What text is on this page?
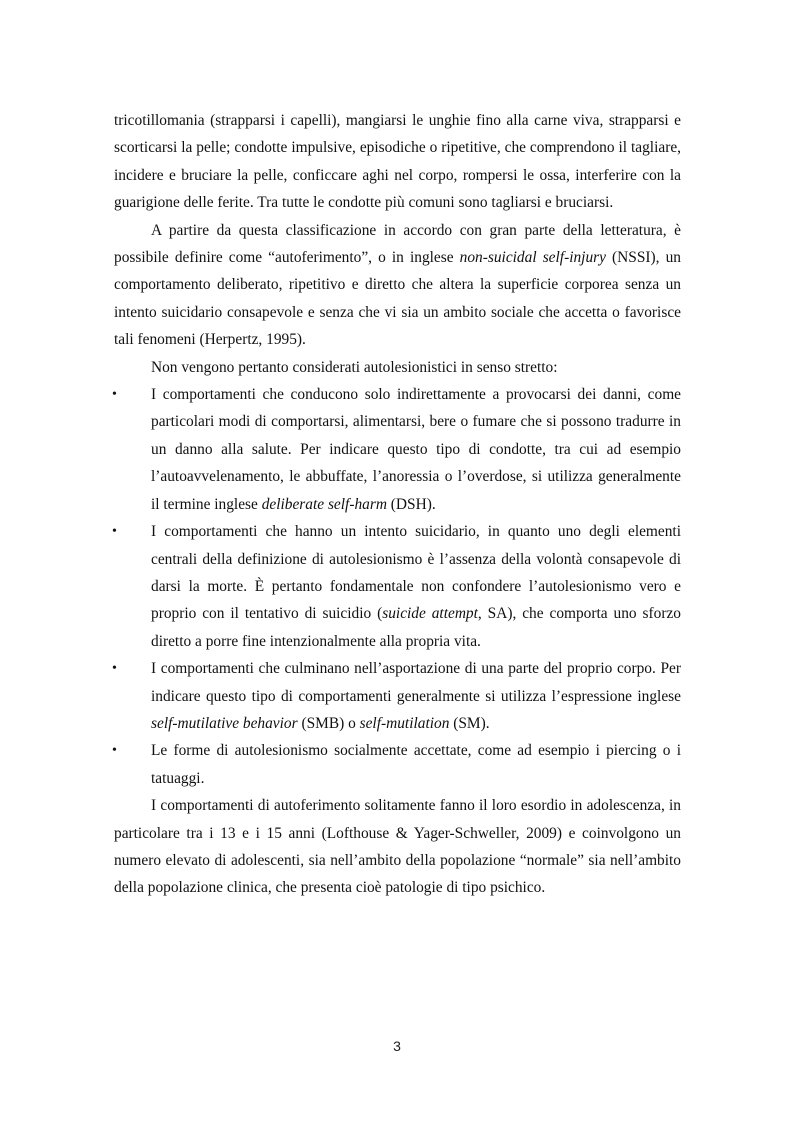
tricotillomania (strapparsi i capelli), mangiarsi le unghie fino alla carne viva, strapparsi e scorticarsi la pelle; condotte impulsive, episodiche o ripetitive, che comprendono il tagliare, incidere e bruciare la pelle, conficcare aghi nel corpo, rompersi le ossa, interferire con la guarigione delle ferite. Tra tutte le condotte più comuni sono tagliarsi e bruciarsi.

A partire da questa classificazione in accordo con gran parte della letteratura, è possibile definire come “autoferimento”, o in inglese non-suicidal self-injury (NSSI), un comportamento deliberato, ripetitivo e diretto che altera la superficie corporea senza un intento suicidario consapevole e senza che vi sia un ambito sociale che accetta o favorisce tali fenomeni (Herpertz, 1995).

Non vengono pertanto considerati autolesionistici in senso stretto:

• I comportamenti che conducono solo indirettamente a provocarsi dei danni, come particolari modi di comportarsi, alimentarsi, bere o fumare che si possono tradurre in un danno alla salute. Per indicare questo tipo di condotte, tra cui ad esempio l’autoavvelenamento, le abbuffate, l’anoressia o l’overdose, si utilizza generalmente il termine inglese deliberate self-harm (DSH).
• I comportamenti che hanno un intento suicidario, in quanto uno degli elementi centrali della definizione di autolesionismo è l’assenza della volontà consapevole di darsi la morte. È pertanto fondamentale non confondere l’autolesionismo vero e proprio con il tentativo di suicidio (suicide attempt, SA), che comporta uno sforzo diretto a porre fine intenzionalmente alla propria vita.
• I comportamenti che culminano nell’asportazione di una parte del proprio corpo. Per indicare questo tipo di comportamenti generalmente si utilizza l’espressione inglese self-mutilative behavior (SMB) o self-mutilation (SM).
• Le forme di autolesionismo socialmente accettate, come ad esempio i piercing o i tatuaggi.

I comportamenti di autoferimento solitamente fanno il loro esordio in adolescenza, in particolare tra i 13 e i 15 anni (Lofthouse & Yager-Schweller, 2009) e coinvolgono un numero elevato di adolescenti, sia nell’ambito della popolazione “normale” sia nell’ambito della popolazione clinica, che presenta cioè patologie di tipo psichico.

3
